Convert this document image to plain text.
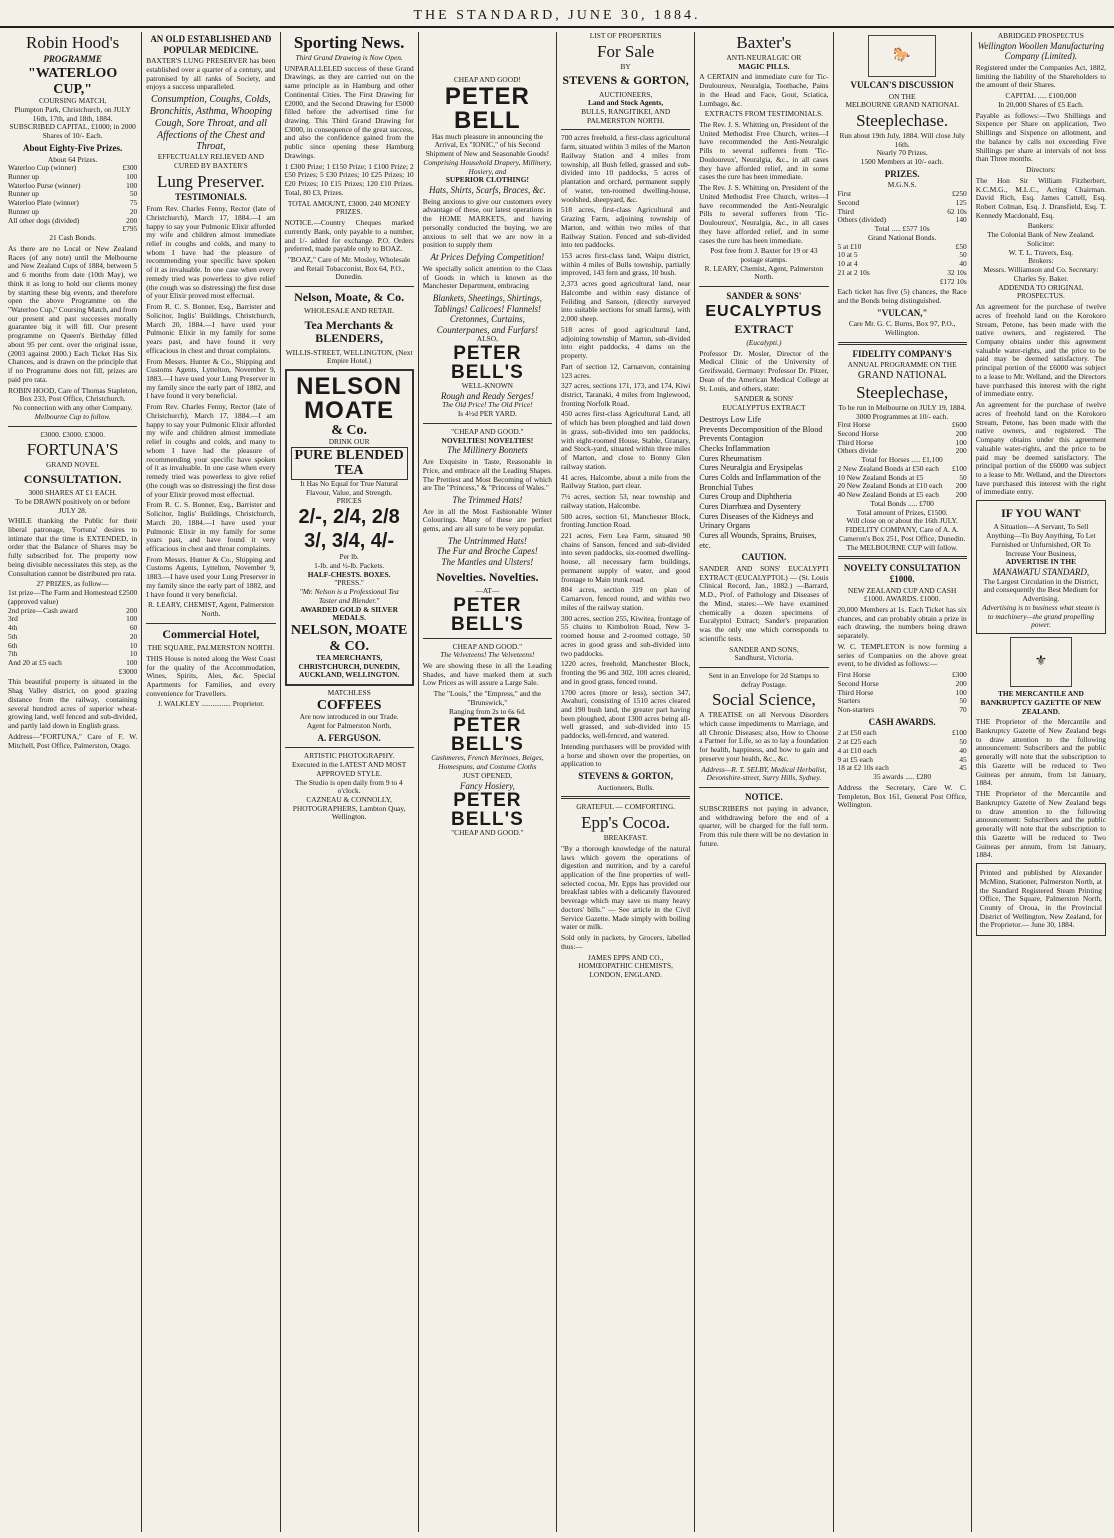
THE STANDARD, JUNE 30, 1884.
Robin Hood's
PROGRAMME
"WATERLOO CUP,"
COURSING MATCH,
Plumpton Park, Christchurch, on JULY 16th, 17th, and 18th, 1884.
SUBSCRIBED CAPITAL, £1000; in 2000 Shares of 10/- Each.
About Eighty-Five Prizes.
About 64 Prizes.
Waterloo Cup (winner)	£300
Runner up	100
Waterloo Purse (winner)	100
Runner up	50
Waterloo Plate (winner)	75
Runner up	20
All other dogs (divided)	200
£795
21 Cash Bonds.
As there are no Local or New Zealand Races (of any note) until the Melbourne and New Zealand Cups of 1884, between 5 and 6 months from date (10th May), we think it as long to hold our clients money by starting these big events, and therefore open the above Programme on the "Waterloo Cup," Coursing Match, and from our present and past successes morally guarantee big it will fill. Our present programme on Queen's Birthday filled about 95 per cent. over the original issue, (2003 against 2000.) Each Ticket Has Six Chances, and is drawn on the principle that if no Programme does not fill, prizes are paid pro rata.
ROBIN HOOD, Care of Thomas Stapleton, Box 233, Post Office, Christchurch.
No connection with any other Company.
Melbourne Cup to follow.
£3000. £3000. £3000.
FORTUNA'S
GRAND NOVEL
CONSULTATION.
3000 SHARES AT £1 EACH.
To be DRAWN positively on or before JULY 28.
WHILE thanking the Public for their liberal patronage, 'Fortuna' desires to intimate that the time is EXTENDED, in order that the Balance of Shares may be fully subscribed for. The property now being divisible necessitates this step, as the Consultation cannot be distributed pro rata.
27 PRIZES, as follow—
1st prize—The Farm and Homestead (approved value)
£2500
2nd prize—Cash award	200
3rd	100
4th	60
5th	20
6th	10
7th	10
And 20 at £5 each	100
£3000
This beautiful property is situated in the Shag Valley district, on good grazing distance from the railway, containing several hundred acres of superior wheat-growing land, well fenced and sub-divided, and partly laid down in English grass.
Address—"FORTUNA," Care of F. W. Mitchell, Post Office, Palmerston, Otago.
AN OLD ESTABLISHED AND POPULAR MEDICINE.
BAXTER'S LUNG PRESERVER has been established over a quarter of a century, and patronised by all ranks of Society, and enjoys a success unparalleled.
Consumption, Coughs, Colds, Bronchitis, Asthma, Whooping Cough, Sore Throat, and all Affections of the Chest and Throat,
EFFECTUALLY RELIEVED AND CURED BY BAXTER'S
Lung Preserver.
TESTIMONIALS.
From Rev. Charles Fenny, Rector (late of Christchurch), March 17, 1884.—I am happy to say your Pulmonic Elixir afforded my wife and children almost immediate relief in coughs and colds, and many to whom I have had the pleasure of recommending your specific have spoken of it as invaluable. In one case when every remedy tried was powerless to give relief (the cough was so distressing) the first dose of your Elixir proved most effectual.
From R. C. S. Bonner, Esq., Barrister and Solicitor, Inglis' Buildings, Christchurch, March 20, 1884.—I have used your Pulmonic Elixir in my family for some years past, and have found it very efficacious in chest and throat complaints.
From Messrs. Hunter & Co., Shipping and Customs Agents, Lyttelton, November 9, 1883.—I have used your Lung Preserver in my family since the early part of 1882, and I have found it very beneficial.
From Rev. Charles Fenny, Rector (late of Christchurch), March 17, 1884.—I am happy to say your Pulmonic Elixir afforded my wife and children almost immediate relief in coughs and colds, and many to whom I have had the pleasure of recommending your specific have spoken of it as invaluable. In one case when every remedy tried was powerless to give relief (the cough was so distressing) the first dose of your Elixir proved most effectual.
From R. C. S. Bonner, Esq., Barrister and Solicitor, Inglis' Buildings, Christchurch, March 20, 1884.—I have used your Pulmonic Elixir in my family for some years past, and have found it very efficacious in chest and throat complaints.
From Messrs. Hunter & Co., Shipping and Customs Agents, Lyttelton, November 9, 1883.—I have used your Lung Preserver in my family since the early part of 1882, and I have found it very beneficial.
R. LEARY, CHEMIST, Agent, Palmerston North.
Commercial Hotel,
THE SQUARE, PALMERSTON NORTH.
THIS House is noted along the West Coast for the quality of the Accommodation, Wines, Spirits, Ales, &c. Special Apartments for Families, and every convenience for Travellers.
J. WALKLEY ................ Proprietor.
Sporting News.
Third Grand Drawing is Now Open.
UNPARALLELED success of these Grand Drawings, as they are carried out on the same principle as in Hamburg and other Continental Cities. The First Drawing for £2000, and the Second Drawing for £5000 filled before the advertised time for drawing. This Third Grand Drawing for £3000, in consequence of the great success, and also the confidence gained from the public since opening these Hamburg Drawings.
1 £300 Prize; 1 £150 Prize; 1 £100 Prize; 2 £50 Prizes; 5 £30 Prizes; 10 £25 Prizes; 10 £20 Prizes; 10 £15 Prizes; 120 £10 Prizes. Total, 80 £3, Prizes.
TOTAL AMOUNT, £3000. 240 MONEY PRIZES.
NOTICE.—Country Cheques marked currently Bank, only payable to a number, and 1/- added for exchange. P.O. Orders preferred, made payable only to BOAZ.
"BOAZ," Care of Mr. Mosley, Wholesale and Retail Tobacconist, Box 64, P.O., Dunedin.
Nelson, Moate, & Co.
WHOLESALE AND RETAIL
Tea Merchants & BLENDERS,
WILLIS-STREET, WELLINGTON, (Next Empire Hotel.)
NELSON MOATE
& Co.
DRINK OUR
PURE BLENDED TEA
It Has No Equal for True Natural Flavour, Value, and Strength.
PRICES
2/-, 2/4, 2/8
3/, 3/4, 4/-
Per lb.
1-lb. and ½-lb. Packets.
HALF-CHESTS. BOXES.
"PRESS."
"Mr. Nelson is a Professional Tea Taster and Blender."
AWARDED GOLD & SILVER MEDALS.
NELSON, MOATE & CO.
TEA MERCHANTS,
CHRISTCHURCH, DUNEDIN, AUCKLAND, WELLINGTON.
MATCHLESS
COFFEES
Are now introduced in our Trade.
Agent for Palmerston North,
A. FERGUSON.
ARTISTIC PHOTOGRAPHY.
Executed in the LATEST AND MOST APPROVED STYLE.
The Studio is open daily from 9 to 4 o'clock.
CAZNEAU & CONNOLLY, PHOTOGRAPHERS, Lambton Quay, Wellington.
CHEAP AND GOOD!
PETER BELL
Has much pleasure in announcing the Arrival, Ex "IONIC," of his Second Shipment of New and Seasonable Goods!
Comprising Household Drapery, Millinery, Hosiery, and
SUPERIOR CLOTHING!
Hats, Shirts, Scarfs, Braces, &c.
Being anxious to give our customers every advantage of these, our latest operations in the HOME MARKETS, and having personally conducted the buying, we are anxious to sell that we are now in a position to supply them
At Prices Defying Competition!
We specially solicit attention to the Class of Goods in which is known as the Manchester Department, embracing
Blankets, Sheetings, Shirtings, Tablings! Calicoes! Flannels! Cretonnes, Curtains, Counterpanes, and Furfars!
ALSO,
PETER BELL'S
WELL-KNOWN
Rough and Ready Serges!
The Old Price! The Old Price!
Is 4½d PER YARD.
"CHEAP AND GOOD."
NOVELTIES! NOVELTIES!
The Millinery Bonnets
Are Exquisite in Taste, Reasonable in Price, and embrace all the Leading Shapes. The Prettiest and Most Becoming of which are The "Princess," & "Princess of Wales."
The Trimmed Hats!
Are in all the Most Fashionable Winter Colourings. Many of these are perfect gems, and are all sure to be very popular.
The Untrimmed Hats!
The Fur and Broche Capes!
The Mantles and Ulsters!
Novelties. Novelties.
—AT—
PETER BELL'S
CHEAP AND GOOD."
The Velveteens! The Velveteens!
We are showing these in all the Leading Shades, and have marked them at such Low Prices as will assure a Large Sale.
The "Louis," the "Empress," and the "Brunswick,"
Ranging from 2s to 6s 6d.
PETER BELL'S
Cashmeres, French Merinoes, Beiges, Homespuns, and Costume Cloths
JUST OPENED,
Fancy Hosiery,
PETER BELL'S
"CHEAP AND GOOD."
LIST OF PROPERTIES
For Sale
BY
STEVENS & GORTON,
AUCTIONEERS,
Land and Stock Agents,
BULLS, RANGITIKEI, AND PALMERSTON NORTH.
700 acres freehold, a first-class agricultural farm, situated within 3 miles of the Marton Railway Station and 4 miles from township, all Bush felled, grassed and sub-divided into 10 paddocks, 5 acres of plantation and orchard, permanent supply of water, ten-roomed dwelling-house, woolshed, sheepyard, &c.
518 acres, first-class Agricultural and Grazing Farm, adjoining township of Marton, and within two miles of that Railway Station. Fenced and sub-divided into ten paddocks.
153 acres first-class land, Waipu district, within 4 miles of Bulls township, partially improved, 143 fern and grass, 10 bush.
2,373 acres good agricultural land, near Halcombe and within easy distance of Feilding and Sanson, (directly surveyed into suitable sections for small farms), with 2,000 sheep.
518 acres of good agricultural land, adjoining township of Marton, sub-divided into eight paddocks, 4 dams on the property.
Part of section 12, Carnarvon, containing 123 acres.
327 acres, sections 171, 173, and 174, Kiwi district, Taranaki, 4 miles from Inglewood, fronting Norfolk Road.
450 acres first-class Agricultural Land, all of which has been ploughed and laid down in grass, sub-divided into ten paddocks, with eight-roomed House, Stable, Granary, and Stock-yard, situated within three miles of Marton, and close to Bonny Glen railway station.
41 acres, Halcombe, about a mile from the Railway Station, part clear.
7½ acres, section 53, near township and railway station, Halcombe.
500 acres, section 61, Manchester Block, fronting Junction Road.
221 acres, Fern Lea Farm, situated 90 chains of Sanson, fenced and sub-divided into seven paddocks, six-roomed dwelling-house, all necessary farm buildings, permanent supply of water, and good frontage to Main trunk road.
804 acres, section 319 on plan of Carnarvon, fenced round, and within two miles of the railway station.
300 acres, section 255, Kiwitea, frontage of 55 chains to Kimbolton Road, New 3-roomed house and 2-roomed cottage, 50 acres in good grass and sub-divided into two paddocks.
1220 acres, freehold, Manchester Block, fronting the 96 and 302, 100 acres cleared, and in good grass, fenced round.
1700 acres (more or less), section 347, Awahuri, consisting of 1510 acres cleared and 190 bush land, the greater part having been ploughed, about 1300 acres being all-well grassed, and sub-divided into 15 paddocks, well-fenced, and watered.
Intending purchasers will be provided with a horse and shown over the properties, on application to
STEVENS & GORTON,
Auctioneers, Bulls.
GRATEFUL — COMFORTING.
Epp's Cocoa.
BREAKFAST.
"By a thorough knowledge of the natural laws which govern the operations of digestion and nutrition, and by a careful application of the fine properties of well-selected cocoa, Mr. Epps has provided our breakfast tables with a delicately flavoured beverage which may save us many heavy doctors' bills." — See article in the Civil Service Gazette. Made simply with boiling water or milk.
Sold only in packets, by Grocers, labelled thus:—
JAMES EPPS AND CO., HOMŒOPATHIC CHEMISTS, LONDON, ENGLAND.
Baxter's
ANTI-NEURALGIC OR
MAGIC PILLS.
A CERTAIN and immediate cure for Tic-Douloureux, Neuralgia, Toothache, Pains in the Head and Face, Gout, Sciatica, Lumbago, &c.
EXTRACTS FROM TESTIMONIALS.
The Rev. J. S. Whitting on, President of the United Methodist Free Church, writes—I have recommended the Anti-Neuralgic Pills to several sufferers from 'Tic-Douloureux', Neuralgia, &c., in all cases they have afforded relief, and in some cases the cure has been immediate.
The Rev. J. S. Whitting on, President of the United Methodist Free Church, writes—I have recommended the Anti-Neuralgic Pills to several sufferers from 'Tic-Douloureux', Neuralgia, &c., in all cases they have afforded relief, and in some cases the cure has been immediate.
Post free from J. Baxter for 19 or 43 postage stamps.
R. LEARY, Chemist, Agent, Palmerston North.
SANDER & SONS'
EUCALYPTUS
EXTRACT
(Eucalypti.)
Professor Dr. Mosler, Director of the Medical Clinic of the University of Greifswald, Germany: Professor Dr. Pitzer, Dean of the American Medical College at St. Louis, and others, state:
SANDER & SONS'
EUCALYPTUS EXTRACT
Destroys Low Life
Prevents Decomposition of the Blood
Prevents Contagion
Checks Inflammation
Cures Rheumatism
Cures Neuralgia and Erysipelas
Cures Colds and Inflammation of the Bronchial Tubes
Cures Croup and Diphtheria
Cures Diarrhœa and Dysentery
Cures Diseases of the Kidneys and Urinary Organs
Cures all Wounds, Sprains, Bruises, etc.
CAUTION.
SANDER AND SONS' EUCALYPTI EXTRACT (EUCALYPTOL) — (St. Louis Clinical Record, Jan., 1882.) —Barrard, M.D., Prof. of Pathology and Diseases of the Mind, states:—We have examined chemically a dozen specimens of Eucalyptol Extract; Sander's preparation was the only one which corresponds to scientific tests.
SANDER AND SONS,
Sandhurst, Victoria.
Sent in an Envelope for 2d Stamps to defray Postage.
Social Science,
A TREATISE on all Nervous Disorders which cause impediments to Marriage, and all Chronic Diseases; also, How to Choose a Partner for Life, so as to lay a foundation for health, happiness, and how to gain and preserve your health, &c., &c.
Address—R. T. SELBY, Medical Herbalist, Devonshire-street, Surry Hills, Sydney.
NOTICE.
SUBSCRIBERS not paying in advance, and withdrawing before the end of a quarter, will be charged for the full term. From this rule there will be no deviation in future.
🐎
VULCAN'S DISCUSSION
ON THE
MELBOURNE GRAND NATIONAL
Steeplechase.
Run about 19th July, 1884. Will close July 16th.
Nearly 70 Prizes.
1500 Members at 10/- each.
PRIZES.
M.G.N.S.
First	£250
Second	125
Third	62 10s
Others (divided)	140
Total ..... £577 10s
Grand National Bonds.
5 at £10	£50
10 at 5	50
10 at 4	40
21 at 2 10s	32 10s
£172 10s
Each ticket has five (5) chances, the Race and the Bonds being distinguished.
"VULCAN,"
Care Mr. G. C. Burns, Box 97, P.O., Wellington.
FIDELITY COMPANY'S
ANNUAL PROGRAMME ON THE
GRAND NATIONAL
Steeplechase,
To be run in Melbourne on JULY 19, 1884.
3000 Programmes at 10/- each.
First Horse	£600
Second Horse	200
Third Horse	100
Others divide	200
Total for Horses ..... £1,100
2 New Zealand Bonds at £50 each £100
10 New Zealand Bonds at £5	50
20 New Zealand Bonds at £10 each 200
40 New Zealand Bonds at £5 each 200
Total Bonds ..... £700
Total amount of Prizes, £1500.
Will close on or about the 16th JULY.
FIDELITY COMPANY, Care of A. A. Cameron's Box 251, Post Office, Dunedin.
The MELBOURNE CUP will follow.
NOVELTY CONSULTATION £1000.
NEW ZEALAND CUP AND CASH £1000. AWARDS. £1000.
20,000 Members at 1s. Each Ticket has six chances, and can probably obtain a prize in each drawing, the numbers being drawn separately.
W. C. TEMPLETON is now forming a series of Companies on the above great event, to be divided as follows:—
First Horse	£300
Second Horse	200
Third Horse	100
Starters	50
Non-starters	70
CASH AWARDS.
2 at £50 each	£100
2 at £25 each	50
4 at £10 each	40
9 at £5 each	45
18 at £2 10s each	45
35 awards ..... £280
Address the Secretary, Care W. C. Templeton, Box 161, General Post Office, Wellington.
ABRIDGED PROSPECTUS
Wellington Woollen Manufacturing Company (Limited).
Registered under the Companies Act, 1882, limiting the liability of the Shareholders to the amount of their Shares.
CAPITAL ..... £100,000
In 20,000 Shares of £5 Each.
Payable as follows:—Two Shillings and Sixpence per Share on application, Two Shillings and Sixpence on allotment, and the balance by calls not exceeding Five Shillings per share at intervals of not less than Three months.
Directors:
The Hon Sir William Fitzherbert, K.C.M.G., M.L.C., Acting Chairman. David Rich, Esq. James Cattell, Esq. Robert Colman, Esq. J. Dransfield, Esq. T. Kennedy Macdonald, Esq.
Bankers:
The Colonial Bank of New Zealand.
Solicitor:
W. T. L. Travers, Esq.
Brokers:
Messrs. Williamson and Co. Secretary: Charles Sy. Baker.
ADDENDA TO ORIGINAL PROSPECTUS.
An agreement for the purchase of twelve acres of freehold land on the Korokoro Stream, Petone, has been made with the native owners, and registered. The Company obtains under this agreement valuable water-rights, and the price to be paid may be deemed satisfactory. The principal portion of the £6000 was subject to a lease to Mr. Welland, and the Directors have purchased this interest with the right of immediate entry.
An agreement for the purchase of twelve acres of freehold land on the Korokoro Stream, Petone, has been made with the native owners, and registered. The Company obtains under this agreement valuable water-rights, and the price to be paid may be deemed satisfactory. The principal portion of the £6000 was subject to a lease to Mr. Welland, and the Directors have purchased this interest with the right of immediate entry.
IF YOU WANT
A Situation—A Servant, To Sell Anything—To Buy Anything, To Let Furnished or Unfurnished, OR To Increase Your Business,
ADVERTISE IN THE
MANAWATU STANDARD,
The Largest Circulation in the District, and consequently the Best Medium for Advertising.
Advertising is to business what steam is to machinery—the grand propelling power.
⚜
THE MERCANTILE AND BANKRUPTCY GAZETTE OF NEW ZEALAND.
THE Proprietor of the Mercantile and Bankruptcy Gazette of New Zealand begs to draw attention to the following announcement: Subscribers and the public generally will note that the subscription to this Gazette will be reduced to Two Guineas per annum, from 1st January, 1884.
THE Proprietor of the Mercantile and Bankruptcy Gazette of New Zealand begs to draw attention to the following announcement: Subscribers and the public generally will note that the subscription to this Gazette will be reduced to Two Guineas per annum, from 1st January, 1884.
Printed and published by Alexander McMinn, Stationer, Palmerston North, at the Standard Registered Steam Printing Office, The Square, Palmerston North, County of Oroua, in the Provincial District of Wellington, New Zealand, for the Proprietor.— June 30, 1884.
